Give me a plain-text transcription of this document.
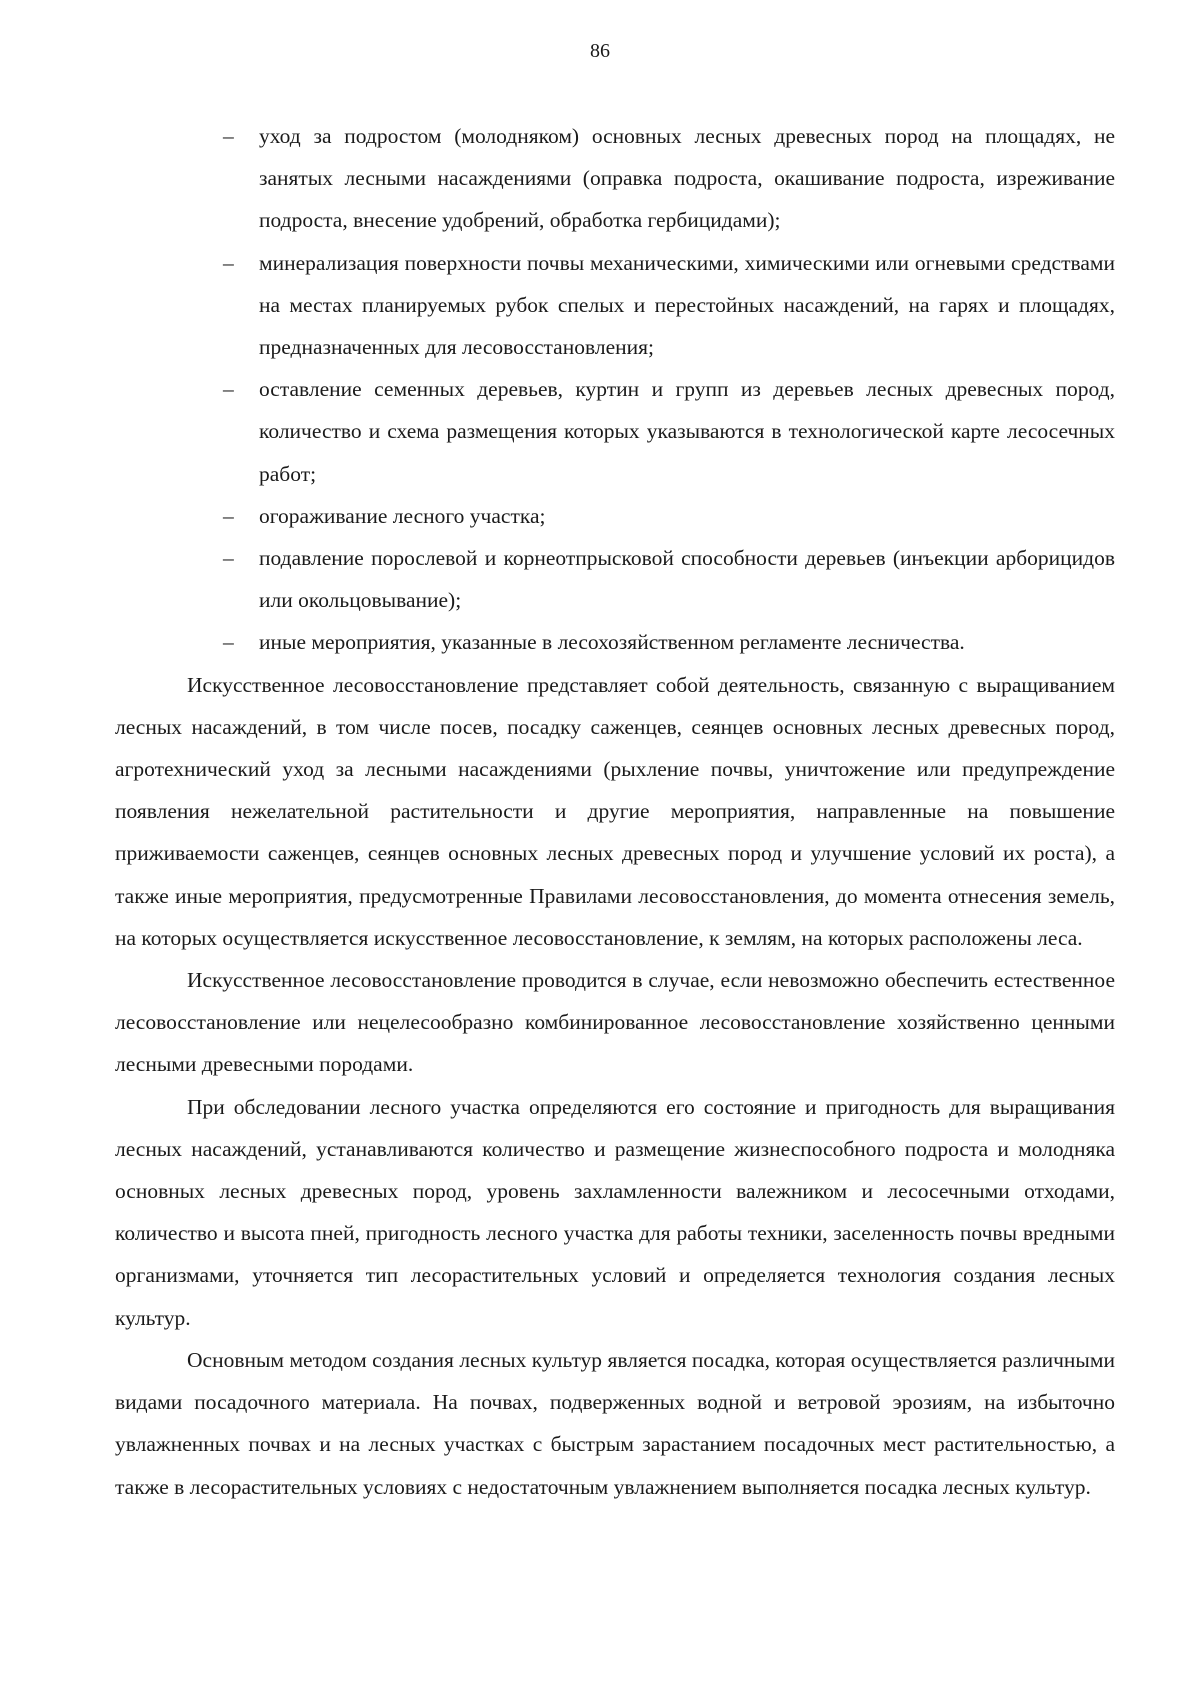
86
– уход за подростом (молодняком) основных лесных древесных пород на площадях, не занятых лесными насаждениями (оправка подроста, окашивание подроста, изреживание подроста, внесение удобрений, обработка гербицидами);
– минерализация поверхности почвы механическими, химическими или огневыми средствами на местах планируемых рубок спелых и перестойных насаждений, на гарях и площадях, предназначенных для лесовосстановления;
– оставление семенных деревьев, куртин и групп из деревьев лесных древесных пород, количество и схема размещения которых указываются в технологической карте лесосечных работ;
– огораживание лесного участка;
– подавление порослевой и корнеотпрысковой способности деревьев (инъекции арборицидов или окольцовывание);
– иные мероприятия, указанные в лесохозяйственном регламенте лесничества.

Искусственное лесовосстановление представляет собой деятельность, связанную с выращиванием лесных насаждений, в том числе посев, посадку саженцев, сеянцев основных лесных древесных пород, агротехнический уход за лесными насаждениями (рыхление почвы, уничтожение или предупреждение появления нежелательной растительности и другие мероприятия, направленные на повышение приживаемости саженцев, сеянцев основных лесных древесных пород и улучшение условий их роста), а также иные мероприятия, предусмотренные Правилами лесовосстановления, до момента отнесения земель, на которых осуществляется искусственное лесовосстановление, к землям, на которых расположены леса.

Искусственное лесовосстановление проводится в случае, если невозможно обеспечить естественное лесовосстановление или нецелесообразно комбинированное лесовосстановление хозяйственно ценными лесными древесными породами.

При обследовании лесного участка определяются его состояние и пригодность для выращивания лесных насаждений, устанавливаются количество и размещение жизнеспособного подроста и молодняка основных лесных древесных пород, уровень захламленности валежником и лесосечными отходами, количество и высота пней, пригодность лесного участка для работы техники, заселенность почвы вредными организмами, уточняется тип лесорастительных условий и определяется технология создания лесных культур.

Основным методом создания лесных культур является посадка, которая осуществляется различными видами посадочного материала. На почвах, подверженных водной и ветровой эрозиям, на избыточно увлажненных почвах и на лесных участках с быстрым зарастанием посадочных мест растительностью, а также в лесорастительных условиях с недостаточным увлажнением выполняется посадка лесных культур.
